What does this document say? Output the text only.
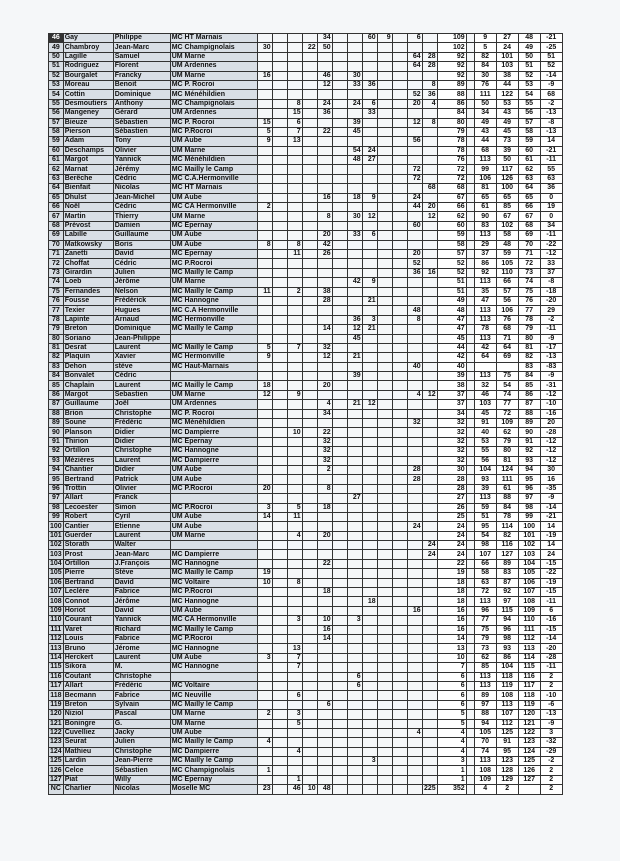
46	Gay	Philippe	MC HT Marnais					34			60	9		6		109		9	27	48	-21
49	Chambroy	Jean-Marc	MC Champignolais	30			22	50								102		5	24	49	-25
50	Lagille	Samuel	UM Marne											64	28	92		82	101	50	51
51	Rodriguez	Florent	UM Ardennes											64	28	92		84	103	51	52
52	Bourgalet	Francky	UM Marne	16				46		30						92		30	38	52	-14
53	Moreau	Benoit	MC P. Rocroi					12		33	36				8	89		76	44	53	-9
54	Cottin	Dominique	MC Ménéhildien											52	36	88		111	122	54	68
55	Desmoutiers	Anthony	MC Champignolais			8		24		24	6			20	4	86		50	53	55	-2
56	Mangeney	Gérard	UM Ardennes			15		36			33					84		34	43	56	-13
57	Bieuze	Sébastien	MC P. Rocroi	15		6				39				12	8	80		49	49	57	-8
58	Pierson	Sébastien	MC P.Rocroi	5		7		22		45						79		43	45	58	-13
59	Adam	Tony	UM Aube	9		13								56		78		44	73	59	14
60	Deschamps	Olivier	UM Marne							54	24					78		68	39	60	-21
61	Margot	Yannick	MC Ménéhildien							48	27					76		113	50	61	-11
62	Marnat	Jérémy	MC Mailly le Camp											72		72		99	117	62	55
63	Berêche	Cédric	MC C.A.Hermonville											72		72		106	126	63	63
64	Bienfait	Nicolas	MC HT Marnais												68	68		81	100	64	36
65	Dhulst	Jean-Michel	UM Aube					16		18	9			24		67		65	65	65	0
66	Noël	Cédric	MC CA Hermonville	2										44	20	66		61	85	66	19
67	Martin	Thierry	UM Marne					8		30	12				12	62		90	67	67	0
68	Prévost	Damien	MC Epernay											60		60		83	102	68	34
69	Labille	Guillaume	UM Aube					20		33	6					59		113	58	69	-11
70	Matkowsky	Boris	UM Aube	8		8		42								58		29	48	70	-22
71	Zanetti	David	MC Epernay			11		26						20		57		37	59	71	-12
72	Choffat	Cédric	MC P.Rocroi											52		52		86	105	72	33
73	Girardin	Julien	MC Mailly le Camp											36	16	52		92	110	73	37
74	Loeb	Jérôme	UM Marne							42	9					51		113	66	74	-8
75	Fernandes	Nelson	MC Mailly le Camp	11		2		38								51		35	57	75	-18
76	Fousse	Frédérick	MC Hannogne					28			21					49		47	56	76	-20
77	Texier	Hugues	MC C.A Hermonville											48		48		113	106	77	29
78	Lapinte	Arnaud	MC Hermonville							36	3			8		47		113	76	78	-2
79	Breton	Dominique	MC Mailly le Camp					14		12	21					47		78	68	79	-11
80	Soriano	Jean-Philippe								45						45		113	71	80	-9
81	Desrat	Laurent	MC Mailly le Camp	5		7		32								44		42	64	81	-17
82	Plaquin	Xavier	MC Hermonville	9				12		21						42		64	69	82	-13
83	Dehon	stève	MC Haut-Marnais											40		40				83	-83
84	Bonvalet	Cédric								39						39		113	75	84	-9
85	Chaplain	Laurent	MC Mailly le Camp	18				20								38		32	54	85	-31
86	Margot	Sebastien	UM Marne	12		9								4	12	37		46	74	86	-12
87	Guillaume	Joël	UM Ardennes					4		21	12					37		103	77	87	-10
88	Brion	Christophe	MC P. Rocroi					34								34		45	72	88	-16
89	Soune	Frédéric	MC Ménéhildien											32		32		91	109	89	20
90	Planson	Didier	MC Dampierre			10		22								32		40	62	90	-28
91	Thirion	Didier	MC Epernay					32								32		53	79	91	-12
92	Ortillon	Christophe	MC Hannogne					32								32		55	80	92	-12
93	Mézières	Laurent	MC Dampierre					32								32		56	81	93	-12
94	Chantier	Didier	UM Aube					2						28		30		104	124	94	30
95	Bertrand	Patrick	UM Aube											28		28		93	111	95	16
96	Trottin	Olivier	MC P.Rocroi	20				8								28		39	61	96	-35
97	Allart	Franck								27						27		113	88	97	-9
98	Lecoester	Simon	MC P.Rocroi	3		5		18								26		59	84	98	-14
99	Robert	Cyril	UM Aube	14		11										25		51	78	99	-21
100	Cantier	Etienne	UM Aube											24		24		95	114	100	14
101	Guerder	Laurent	UM Marne			4		20								24		54	82	101	-19
102	Storath	Walter													24	24		98	116	102	14
103	Prost	Jean-Marc	MC Dampierre												24	24		107	127	103	24
104	Ortillon	J.François	MC Hannogne					22								22		66	89	104	-15
105	Pierre	Stève	MC Mailly le Camp	19												19		58	83	105	-22
106	Bertrand	David	MC Voltaire	10		8										18		63	87	106	-19
107	Leclère	Fabrice	MC P.Rocroi					18								18		72	92	107	-15
108	Connot	Jérôme	MC Hannogne								18					18		113	97	108	-11
109	Horiot	David	UM Aube											16		16		96	115	109	6
110	Courant	Yannick	MC CA Hermonville			3		10		3						16		77	94	110	-16
111	Varet	Richard	MC Mailly le Camp					16								16		75	96	111	-15
112	Louis	Fabrice	MC P.Rocroi					14								14		79	98	112	-14
113	Bruno	Jérome	MC Hannogne			13										13		73	93	113	-20
114	Herckert	Laurent	UM Aube	3		7										10		62	86	114	-28
115	Sikora	M.	MC Hannogne			7										7		85	104	115	-11
116	Coutant	Christophe								6						6		113	118	116	2
117	Allart	Frédéric	MC Voltaire							6						6		113	119	117	2
118	Becmann	Fabrice	MC Neuville			6										6		89	108	118	-10
119	Breton	Sylvain	MC Mailly le Camp					6								6		97	113	119	-6
120	Niziol	Pascal	UM Marne	2		3										5		88	107	120	-13
121	Boningre	G.	UM Marne			5										5		94	112	121	-9
122	Cuvelliez	Jacky	UM Aube											4		4		105	125	122	3
123	Seurat	Julien	MC Mailly le Camp	4												4		70	91	123	-32
124	Mathieu	Christophe	MC Dampierre			4										4		74	95	124	-29
125	Lardin	Jean-Pierre	MC Mailly le Camp								3					3		113	123	125	-2
126	Celce	Sébastien	MC Champignolais	1												1		108	128	126	2
127	Piat	Willy	MC Epernay			1										1		109	129	127	2
NC	Charlier	Nicolas	Moselle MC	23		46	10	48							225	352		4	2		2
